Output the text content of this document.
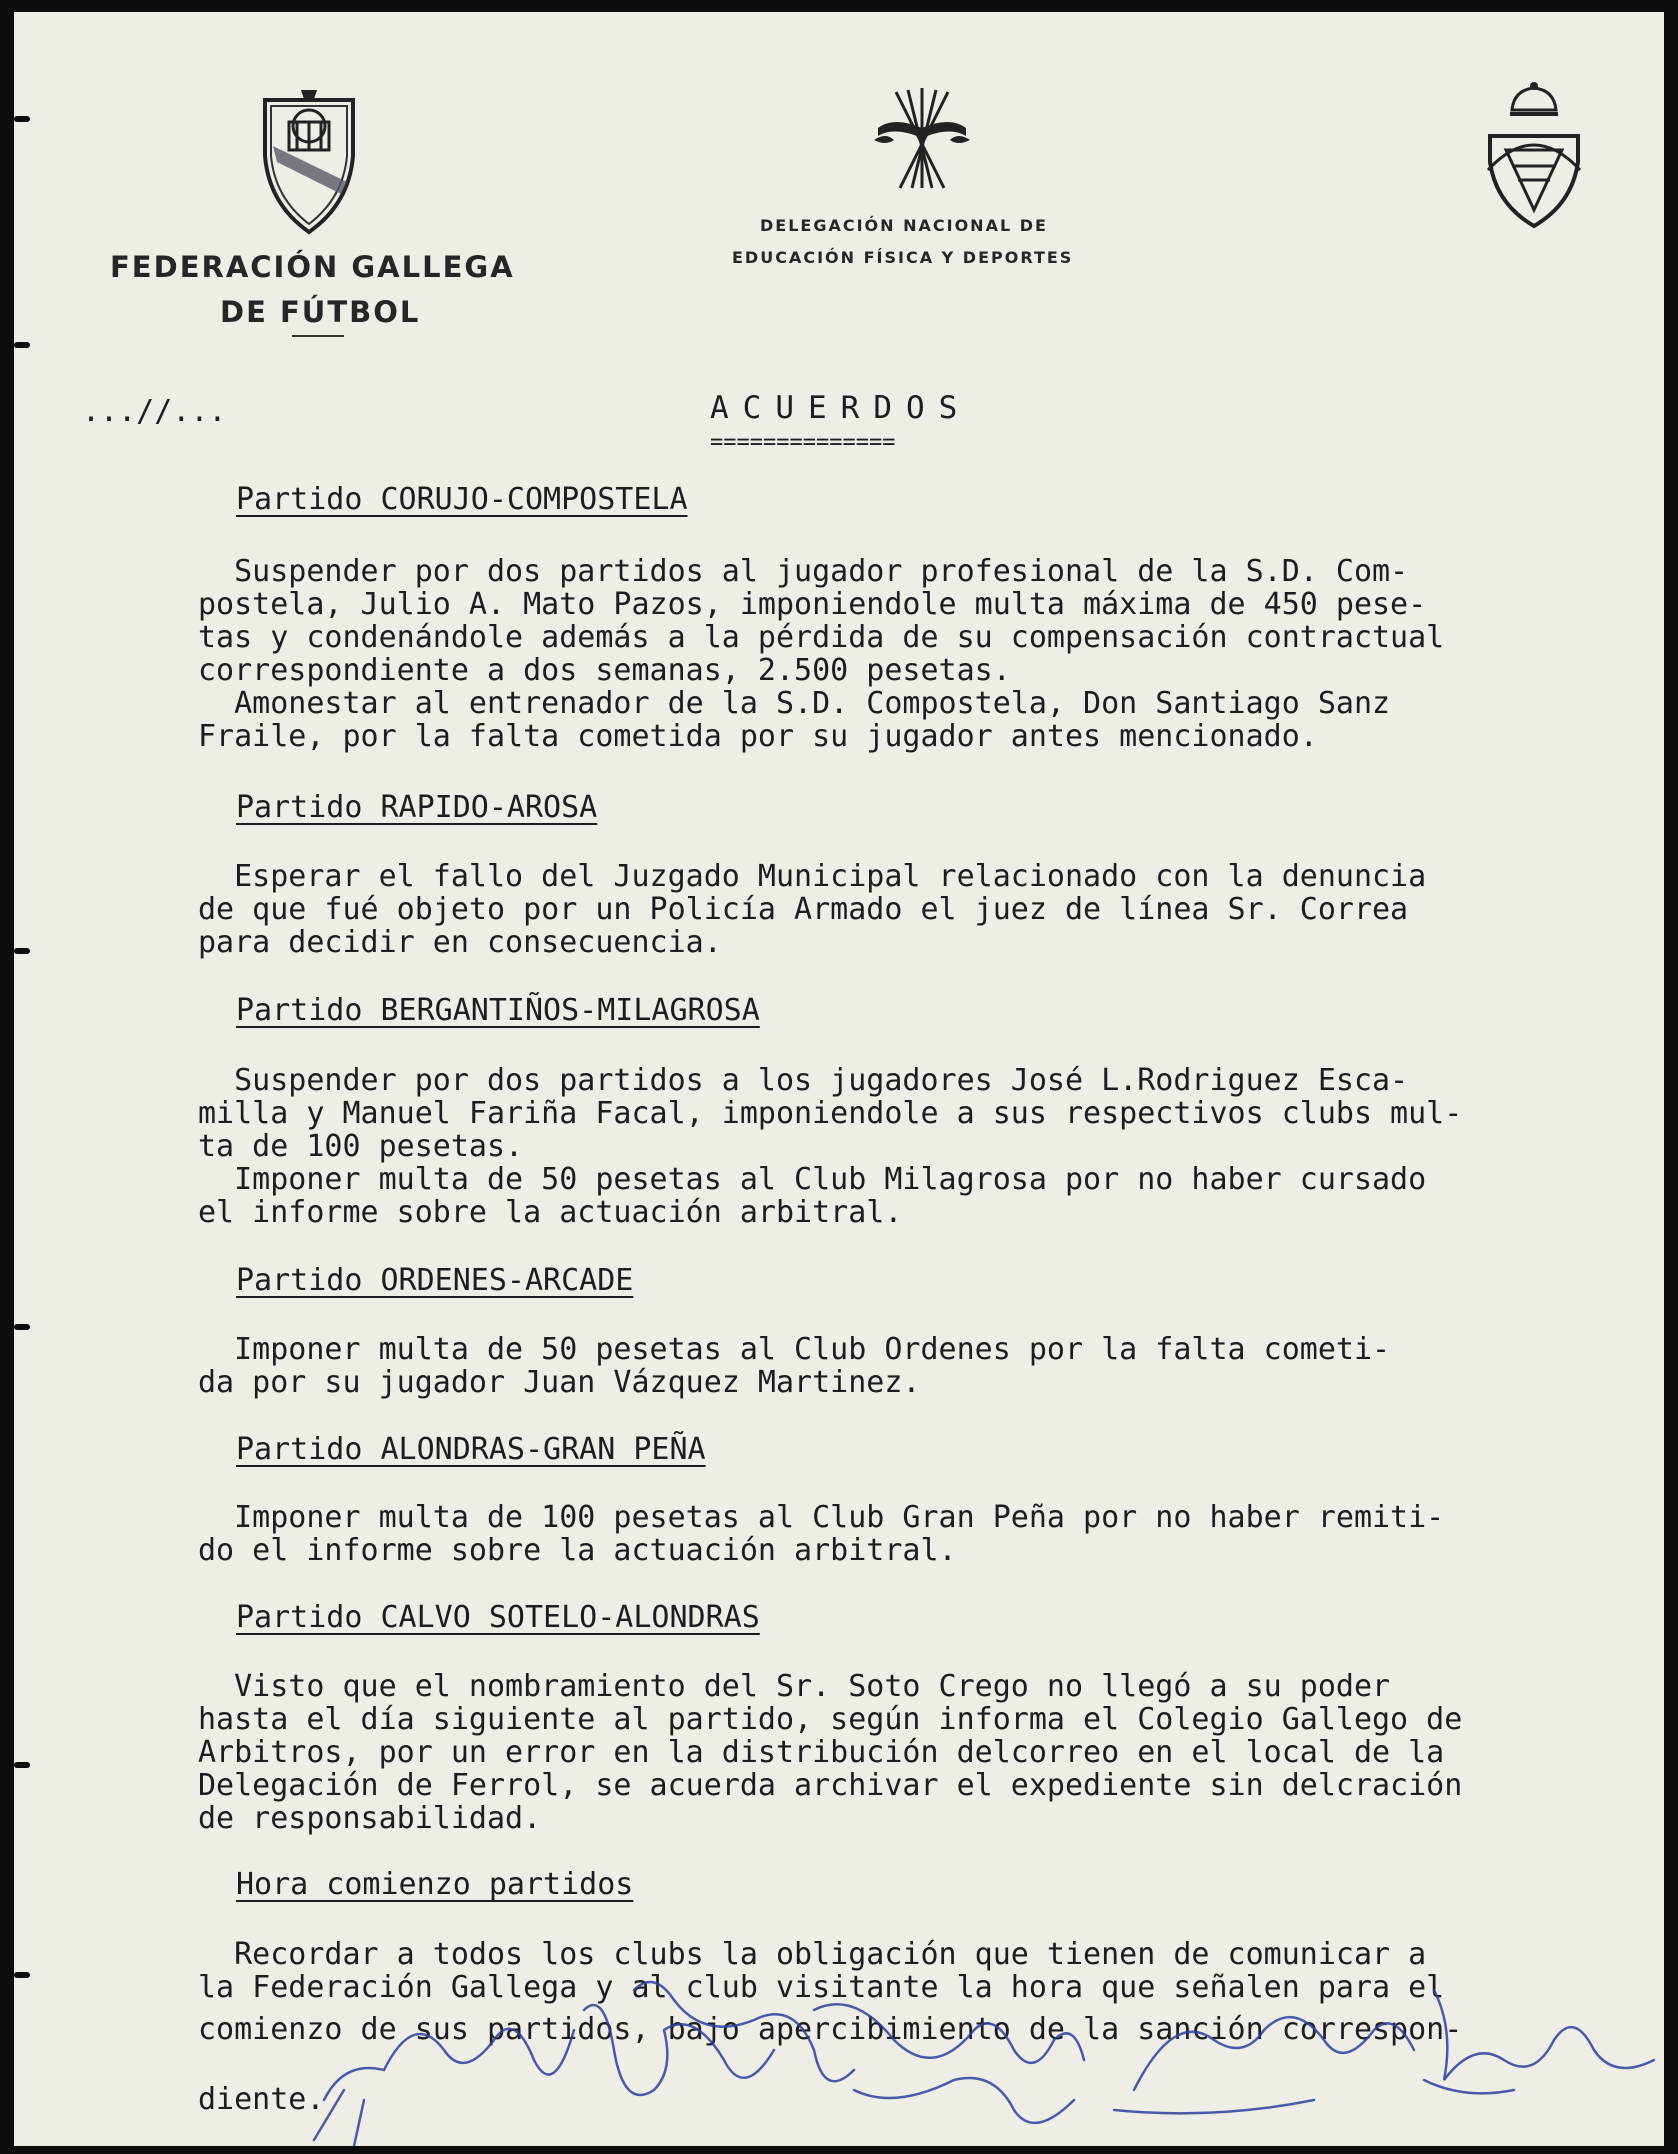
FEDERACIÓN GALLEGA
DE FÚTBOL
DELEGACIÓN NACIONAL DE
EDUCACIÓN FÍSICA Y DEPORTES
...//...	ACUERDOS
==============
Partido CORUJO-COMPOSTELA
Suspender por dos partidos al jugador profesional de la S.D. Com-
postela, Julio A. Mato Pazos, imponiendole multa máxima de 450 pese-
tas y condenándole además a la pérdida de su compensación contractual
correspondiente a dos semanas, 2.500 pesetas.
Amonestar al entrenador de la S.D. Compostela, Don Santiago Sanz
Fraile, por la falta cometida por su jugador antes mencionado.
Partido RAPIDO-AROSA
Esperar el fallo del Juzgado Municipal relacionado con la denuncia
de que fué objeto por un Policía Armado el juez de línea Sr. Correa
para decidir en consecuencia.
Partido BERGANTIÑOS-MILAGROSA
Suspender por dos partidos a los jugadores José L.Rodriguez Esca-
milla y Manuel Fariña Facal, imponiendole a sus respectivos clubs mul-
ta de 100 pesetas.
Imponer multa de 50 pesetas al Club Milagrosa por no haber cursado
el informe sobre la actuación arbitral.
Partido ORDENES-ARCADE
Imponer multa de 50 pesetas al Club Ordenes por la falta cometi-
da por su jugador Juan Vázquez Martinez.
Partido ALONDRAS-GRAN PEÑA
Imponer multa de 100 pesetas al Club Gran Peña por no haber remiti-
do el informe sobre la actuación arbitral.
Partido CALVO SOTELO-ALONDRAS
Visto que el nombramiento del Sr. Soto Crego no llegó a su poder
hasta el día siguiente al partido, según informa el Colegio Gallego de
Arbitros, por un error en la distribución delcorreo en el local de la
Delegación de Ferrol, se acuerda archivar el expediente sin delcración
de responsabilidad.
Hora comienzo partidos
Recordar a todos los clubs la obligación que tienen de comunicar a
la Federación Gallega y al club visitante la hora que señalen para el
comienzo de sus partidos, bajo apercibimiento de la sanción correspon-
diente.
